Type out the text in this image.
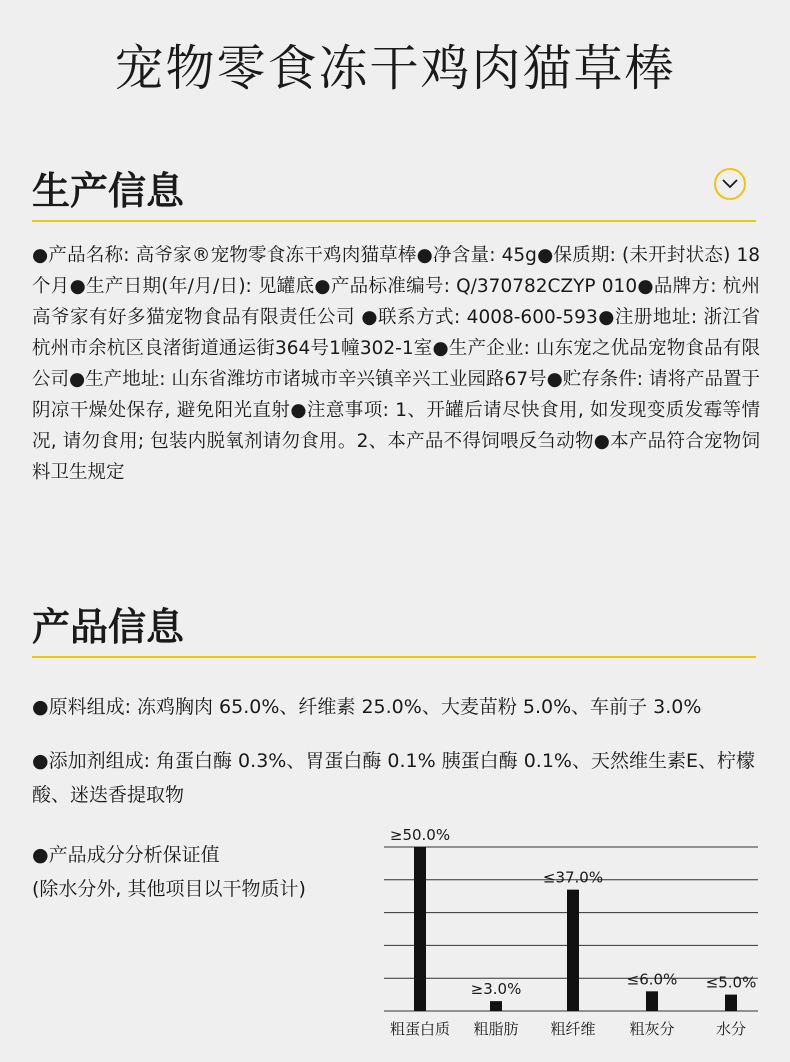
宠物零食冻干鸡肉猫草棒
生产信息

●产品名称: 高爷家®宠物零食冻干鸡肉猫草棒●净含量: 45g●保质期: (未开封状态) 18个月●生产日期(年/月/日): 见罐底●产品标准编号: Q/370782CZYP 010●品牌方: 杭州高爷家有好多猫宠物食品有限责任公司 ●联系方式: 4008-600-593●注册地址: 浙江省杭州市余杭区良渚街道通运街364号1幢302-1室●生产企业: 山东宠之优品宠物食品有限公司●生产地址: 山东省潍坊市诸城市辛兴镇辛兴工业园路67号●贮存条件: 请将产品置于阴凉干燥处保存, 避免阳光直射●注意事项: 1、开罐后请尽快食用, 如发现变质发霉等情况, 请勿食用; 包装内脱氧剂请勿食用。2、本产品不得饲喂反刍动物●本产品符合宠物饲料卫生规定

产品信息

●原料组成: 冻鸡胸肉 65.0%、纤维素 25.0%、大麦苗粉 5.0%、车前子 3.0%

●添加剂组成: 角蛋白酶 0.3%、胃蛋白酶 0.1% 胰蛋白酶 0.1%、天然维生素E、柠檬酸、迷迭香提取物

●产品成分分析保证值
(除水分外, 其他项目以干物质计)
≥50.0%
粗蛋白质
≥3.0%
粗脂肪
≤37.0%
粗纤维
≤6.0%
粗灰分
≤5.0%
水分
